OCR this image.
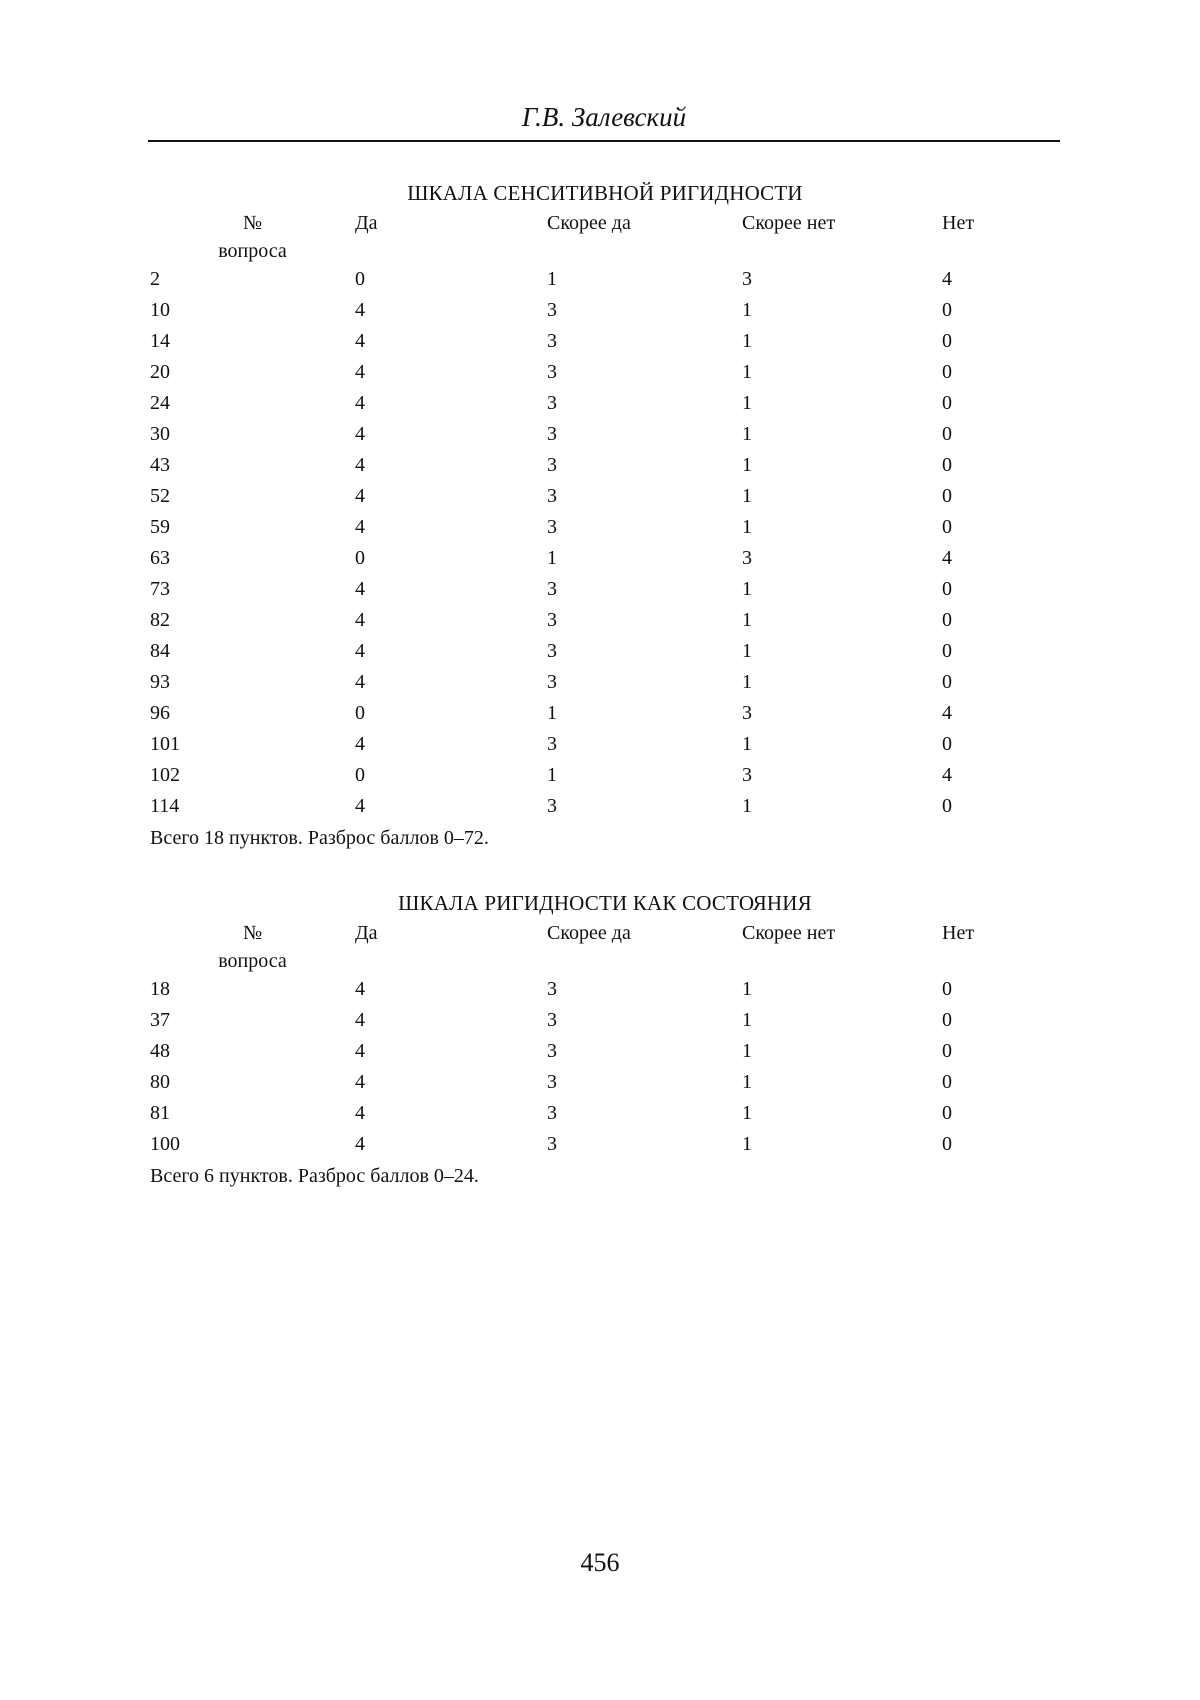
Г.В. Залевский
ШКАЛА СЕНСИТИВНОЙ РИГИДНОСТИ
№	Да	Скорее да	Скорее нет	Нет
вопроса				
2	0	1	3	4
10	4	3	1	0
14	4	3	1	0
20	4	3	1	0
24	4	3	1	0
30	4	3	1	0
43	4	3	1	0
52	4	3	1	0
59	4	3	1	0
63	0	1	3	4
73	4	3	1	0
82	4	3	1	0
84	4	3	1	0
93	4	3	1	0
96	0	1	3	4
101	4	3	1	0
102	0	1	3	4
114	4	3	1	0
Всего 18 пунктов. Разброс баллов 0–72.
ШКАЛА РИГИДНОСТИ КАК СОСТОЯНИЯ
№	Да	Скорее да	Скорее нет	Нет
вопроса				
18	4	3	1	0
37	4	3	1	0
48	4	3	1	0
80	4	3	1	0
81	4	3	1	0
100	4	3	1	0
Всего 6 пунктов. Разброс баллов 0–24.
456
